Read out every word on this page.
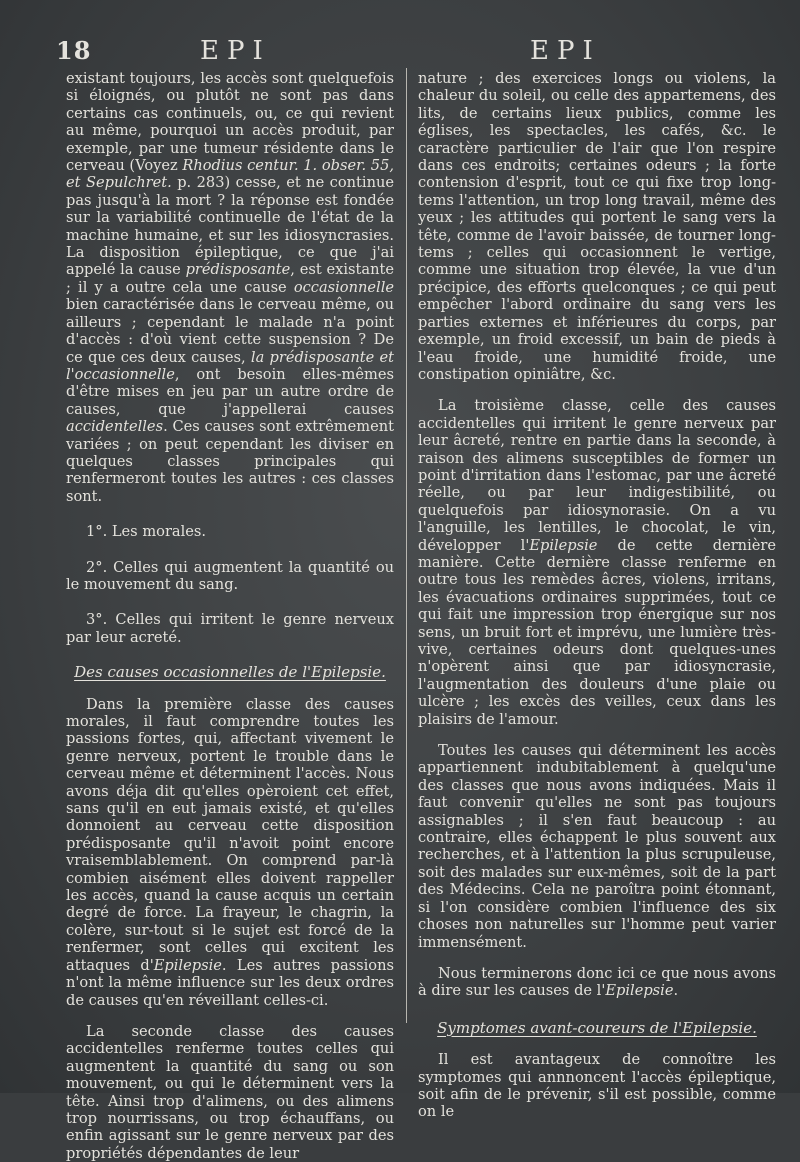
18	EPI	EPI

existant toujours, les accès sont quelquefois si éloignés, ou plutôt ne sont pas dans certains cas continuels, ou, ce qui revient au même, pourquoi un accès produit, par exemple, par une tumeur résidente dans le cerveau (Voyez Rhodius centur. 1. obser. 55, et Sepulchret. p. 283) cesse, et ne continue pas jusqu'à la mort ? la réponse est fondée sur la variabilité continuelle de l'état de la machine humaine, et sur les idiosyncrasies. La disposition épileptique, ce que j'ai appelé la cause prédisposante, est existante ; il y a outre cela une cause occasionnelle bien caractérisée dans le cerveau même, ou ailleurs ; cependant le malade n'a point d'accès : d'où vient cette suspension ? De ce que ces deux causes, la prédisposante et l'occasionnelle, ont besoin elles-mêmes d'être mises en jeu par un autre ordre de causes, que j'appellerai causes accidentelles. Ces causes sont extrêmement variées ; on peut cependant les diviser en quelques classes principales qui renfermeront toutes les autres : ces classes sont.

1°. Les morales.

2°. Celles qui augmentent la quantité ou le mouvement du sang.

3°. Celles qui irritent le genre nerveux par leur acreté.

Des causes occasionnelles de l'Epilepsie.

Dans la première classe des causes morales, il faut comprendre toutes les passions fortes, qui, affectant vivement le genre nerveux, portent le trouble dans le cerveau même et déterminent l'accès. Nous avons déja dit qu'elles opèroient cet effet, sans qu'il en eut jamais existé, et qu'elles donnoient au cerveau cette disposition prédisposante qu'il n'avoit point encore vraisemblablement. On comprend par-là combien aisément elles doivent rappeller les accès, quand la cause acquis un certain degré de force. La frayeur, le chagrin, la colère, sur-tout si le sujet est forcé de la renfermer, sont celles qui excitent les attaques d'Epilepsie. Les autres passions n'ont la même influence sur les deux ordres de causes qu'en réveillant celles-ci.

La seconde classe des causes accidentelles renferme toutes celles qui augmentent la quantité du sang ou son mouvement, ou qui le déterminent vers la tête. Ainsi trop d'alimens, ou des alimens trop nourrissans, ou trop échauffans, ou enfin agissant sur le genre nerveux par des propriétés dépendantes de leur

nature ; des exercices longs ou violens, la chaleur du soleil, ou celle des appartemens, des lits, de certains lieux publics, comme les églises, les spectacles, les cafés, &c. le caractère particulier de l'air que l'on respire dans ces endroits; certaines odeurs ; la forte contension d'esprit, tout ce qui fixe trop long-tems l'attention, un trop long travail, même des yeux ; les attitudes qui portent le sang vers la tête, comme de l'avoir baissée, de tourner long-tems ; celles qui occasionnent le vertige, comme une situation trop élevée, la vue d'un précipice, des efforts quelconques ; ce qui peut empêcher l'abord ordinaire du sang vers les parties externes et inférieures du corps, par exemple, un froid excessif, un bain de pieds à l'eau froide, une humidité froide, une constipation opiniâtre, &c.

La troisième classe, celle des causes accidentelles qui irritent le genre nerveux par leur âcreté, rentre en partie dans la seconde, à raison des alimens susceptibles de former un point d'irritation dans l'estomac, par une âcreté réelle, ou par leur indigestibilité, ou quelquefois par idiosynorasie. On a vu l'anguille, les lentilles, le chocolat, le vin, développer l'Epilepsie de cette dernière manière. Cette dernière classe renferme en outre tous les remèdes âcres, violens, irritans, les évacuations ordinaires supprimées, tout ce qui fait une impression trop énergique sur nos sens, un bruit fort et imprévu, une lumière très-vive, certaines odeurs dont quelques-unes n'opèrent ainsi que par idiosyncrasie, l'augmentation des douleurs d'une plaie ou ulcère ; les excès des veilles, ceux dans les plaisirs de l'amour.

Toutes les causes qui déterminent les accès appartiennent indubitablement à quelqu'une des classes que nous avons indiquées. Mais il faut convenir qu'elles ne sont pas toujours assignables ; il s'en faut beaucoup : au contraire, elles échappent le plus souvent aux recherches, et à l'attention la plus scrupuleuse, soit des malades sur eux-mêmes, soit de la part des Médecins. Cela ne paroîtra point étonnant, si l'on considère combien l'influence des six choses non naturelles sur l'homme peut varier immensément.

Nous terminerons donc ici ce que nous avons à dire sur les causes de l'Epilepsie.

Symptomes avant-coureurs de l'Epilepsie.

Il est avantageux de connoître les symptomes qui annnoncent l'accès épileptique, soit afin de le prévenir, s'il est possible, comme on le
